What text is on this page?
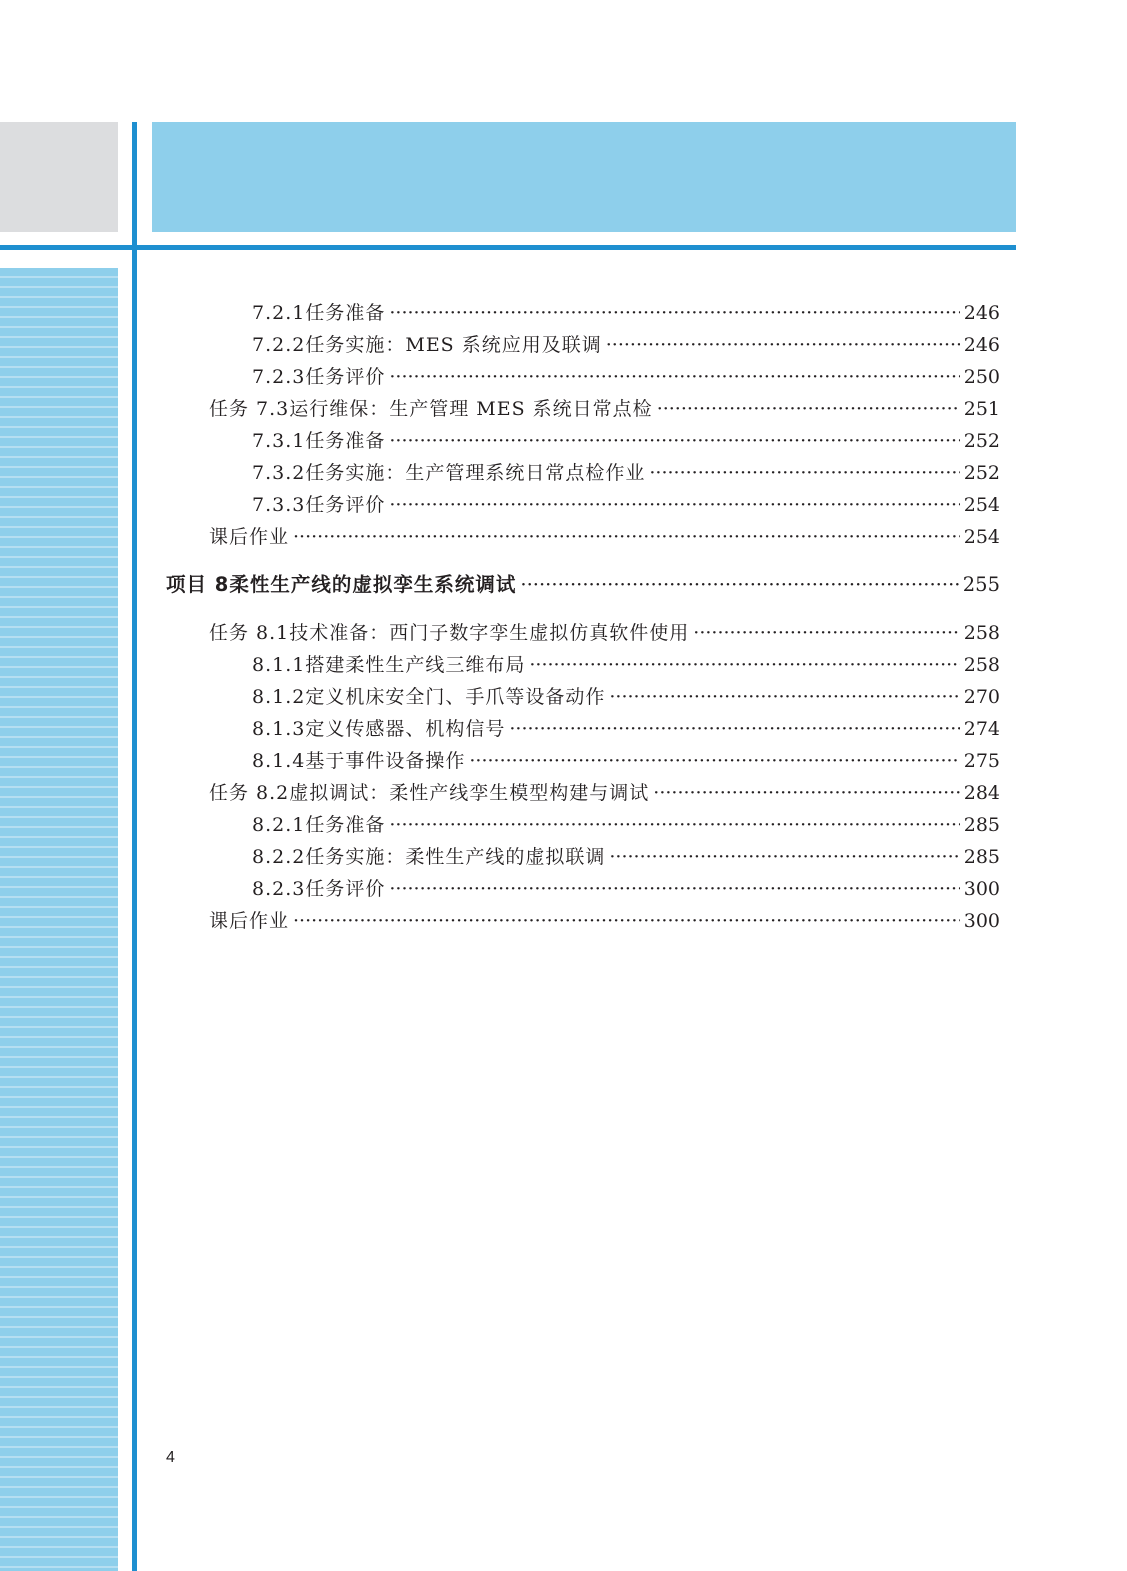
7.2.1 任务准备 ·····	246
7.2.2 任务实施：MES 系统应用及联调 ·····	246
7.2.3 任务评价 ·····	250
任务 7.3 运行维保：生产管理 MES 系统日常点检 ·····	251
7.3.1 任务准备 ·····	252
7.3.2 任务实施：生产管理系统日常点检作业 ·····	252
7.3.3 任务评价 ·····	254
课后作业 ·····	254
项目 8 柔性生产线的虚拟孪生系统调试 ·····	255
任务 8.1 技术准备：西门子数字孪生虚拟仿真软件使用 ·····	258
8.1.1 搭建柔性生产线三维布局 ·····	258
8.1.2 定义机床安全门、手爪等设备动作 ·····	270
8.1.3 定义传感器、机构信号 ·····	274
8.1.4 基于事件设备操作 ·····	275
任务 8.2 虚拟调试：柔性产线孪生模型构建与调试 ·····	284
8.2.1 任务准备 ·····	285
8.2.2 任务实施：柔性生产线的虚拟联调 ·····	285
8.2.3 任务评价 ·····	300
课后作业 ·····	300
4
